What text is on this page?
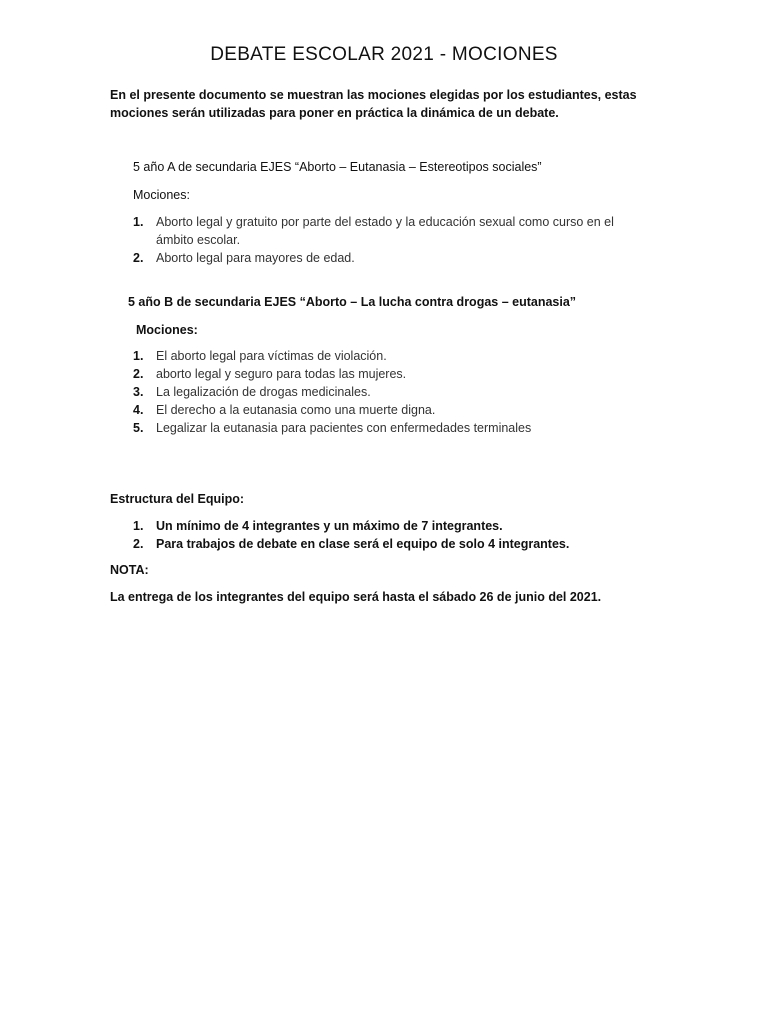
DEBATE ESCOLAR 2021 - MOCIONES
En el presente documento se muestran las mociones elegidas por los estudiantes, estas mociones serán utilizadas para poner en práctica la dinámica de un debate.
5 año A de secundaria EJES “Aborto – Eutanasia – Estereotipos sociales”
Mociones:
1. Aborto legal y gratuito por parte del estado y la educación sexual como curso en el ámbito escolar.
2. Aborto legal para mayores de edad.
5 año B de secundaria EJES “Aborto – La lucha contra drogas – eutanasia”
Mociones:
1. El aborto legal para víctimas de violación.
2. aborto legal y seguro para todas las mujeres.
3. La legalización de drogas medicinales.
4. El derecho a la eutanasia como una muerte digna.
5. Legalizar la eutanasia para pacientes con enfermedades terminales
Estructura del Equipo:
1. Un mínimo de 4 integrantes y un máximo de 7 integrantes.
2. Para trabajos de debate en clase será el equipo de solo 4 integrantes.
NOTA:
La entrega de los integrantes del equipo será hasta el sábado 26 de junio del 2021.
